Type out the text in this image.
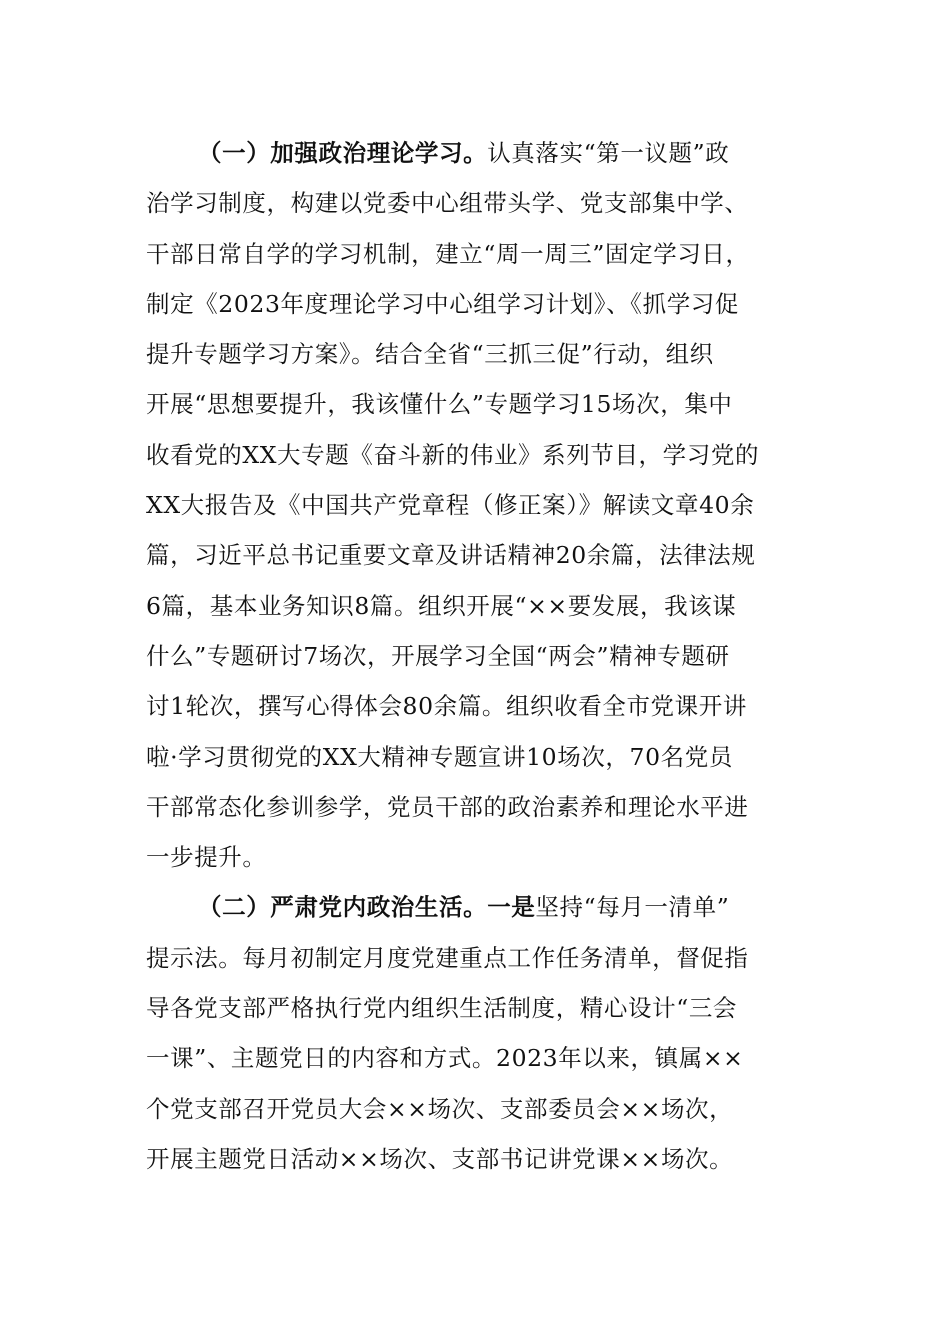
（一）加强政治理论学习。认真落实“第一议题”政
治学习制度，构建以党委中心组带头学、党支部集中学、
干部日常自学的学习机制，建立“周一周三”固定学习日，
制定《2023年度理论学习中心组学习计划》、《抓学习促
提升专题学习方案》。结合全省“三抓三促”行动，组织
开展“思想要提升，我该懂什么”专题学习15场次，集中
收看党的XX大专题《奋斗新的伟业》系列节目，学习党的
XX大报告及《中国共产党章程（修正案）》解读文章40余
篇，习近平总书记重要文章及讲话精神20余篇，法律法规
6篇，基本业务知识8篇。组织开展“××要发展，我该谋
什么”专题研讨7场次，开展学习全国“两会”精神专题研
讨1轮次，撰写心得体会80余篇。组织收看全市党课开讲
啦·学习贯彻党的XX大精神专题宣讲10场次，70名党员
干部常态化参训参学，党员干部的政治素养和理论水平进
一步提升。
（二）严肃党内政治生活。一是坚持“每月一清单”
提示法。每月初制定月度党建重点工作任务清单，督促指
导各党支部严格执行党内组织生活制度，精心设计“三会
一课”、主题党日的内容和方式。2023年以来，镇属××
个党支部召开党员大会××场次、支部委员会××场次，
开展主题党日活动××场次、支部书记讲党课××场次。
